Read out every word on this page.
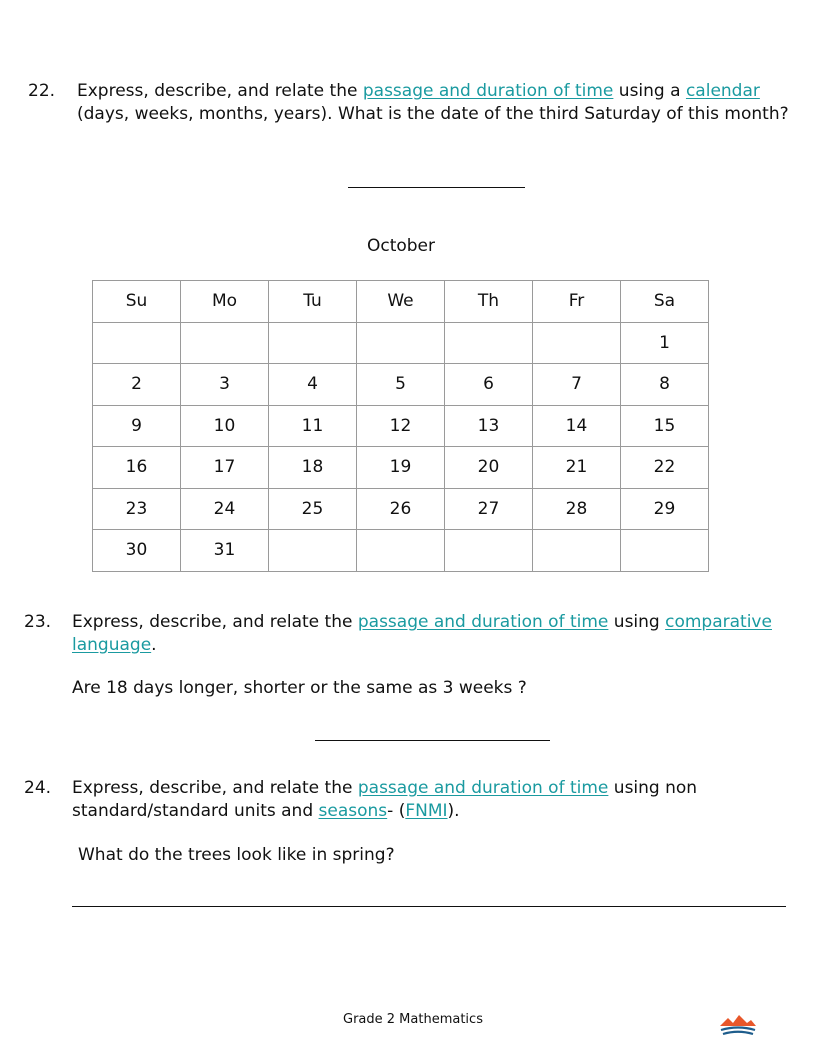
22. Express, describe, and relate the passage and duration of time using a calendar (days, weeks, months, years). What is the date of the third Saturday of this month?
October
Su	Mo	Tu	We	Th	Fr	Sa
						1
2	3	4	5	6	7	8
9	10	11	12	13	14	15
16	17	18	19	20	21	22
23	24	25	26	27	28	29
30	31					
23. Express, describe, and relate the passage and duration of time using comparative language.
Are 18 days longer, shorter or the same as 3 weeks ?
24. Express, describe, and relate the passage and duration of time using non standard/standard units and seasons- (FNMI).
What do the trees look like in spring?
Grade 2 Mathematics
